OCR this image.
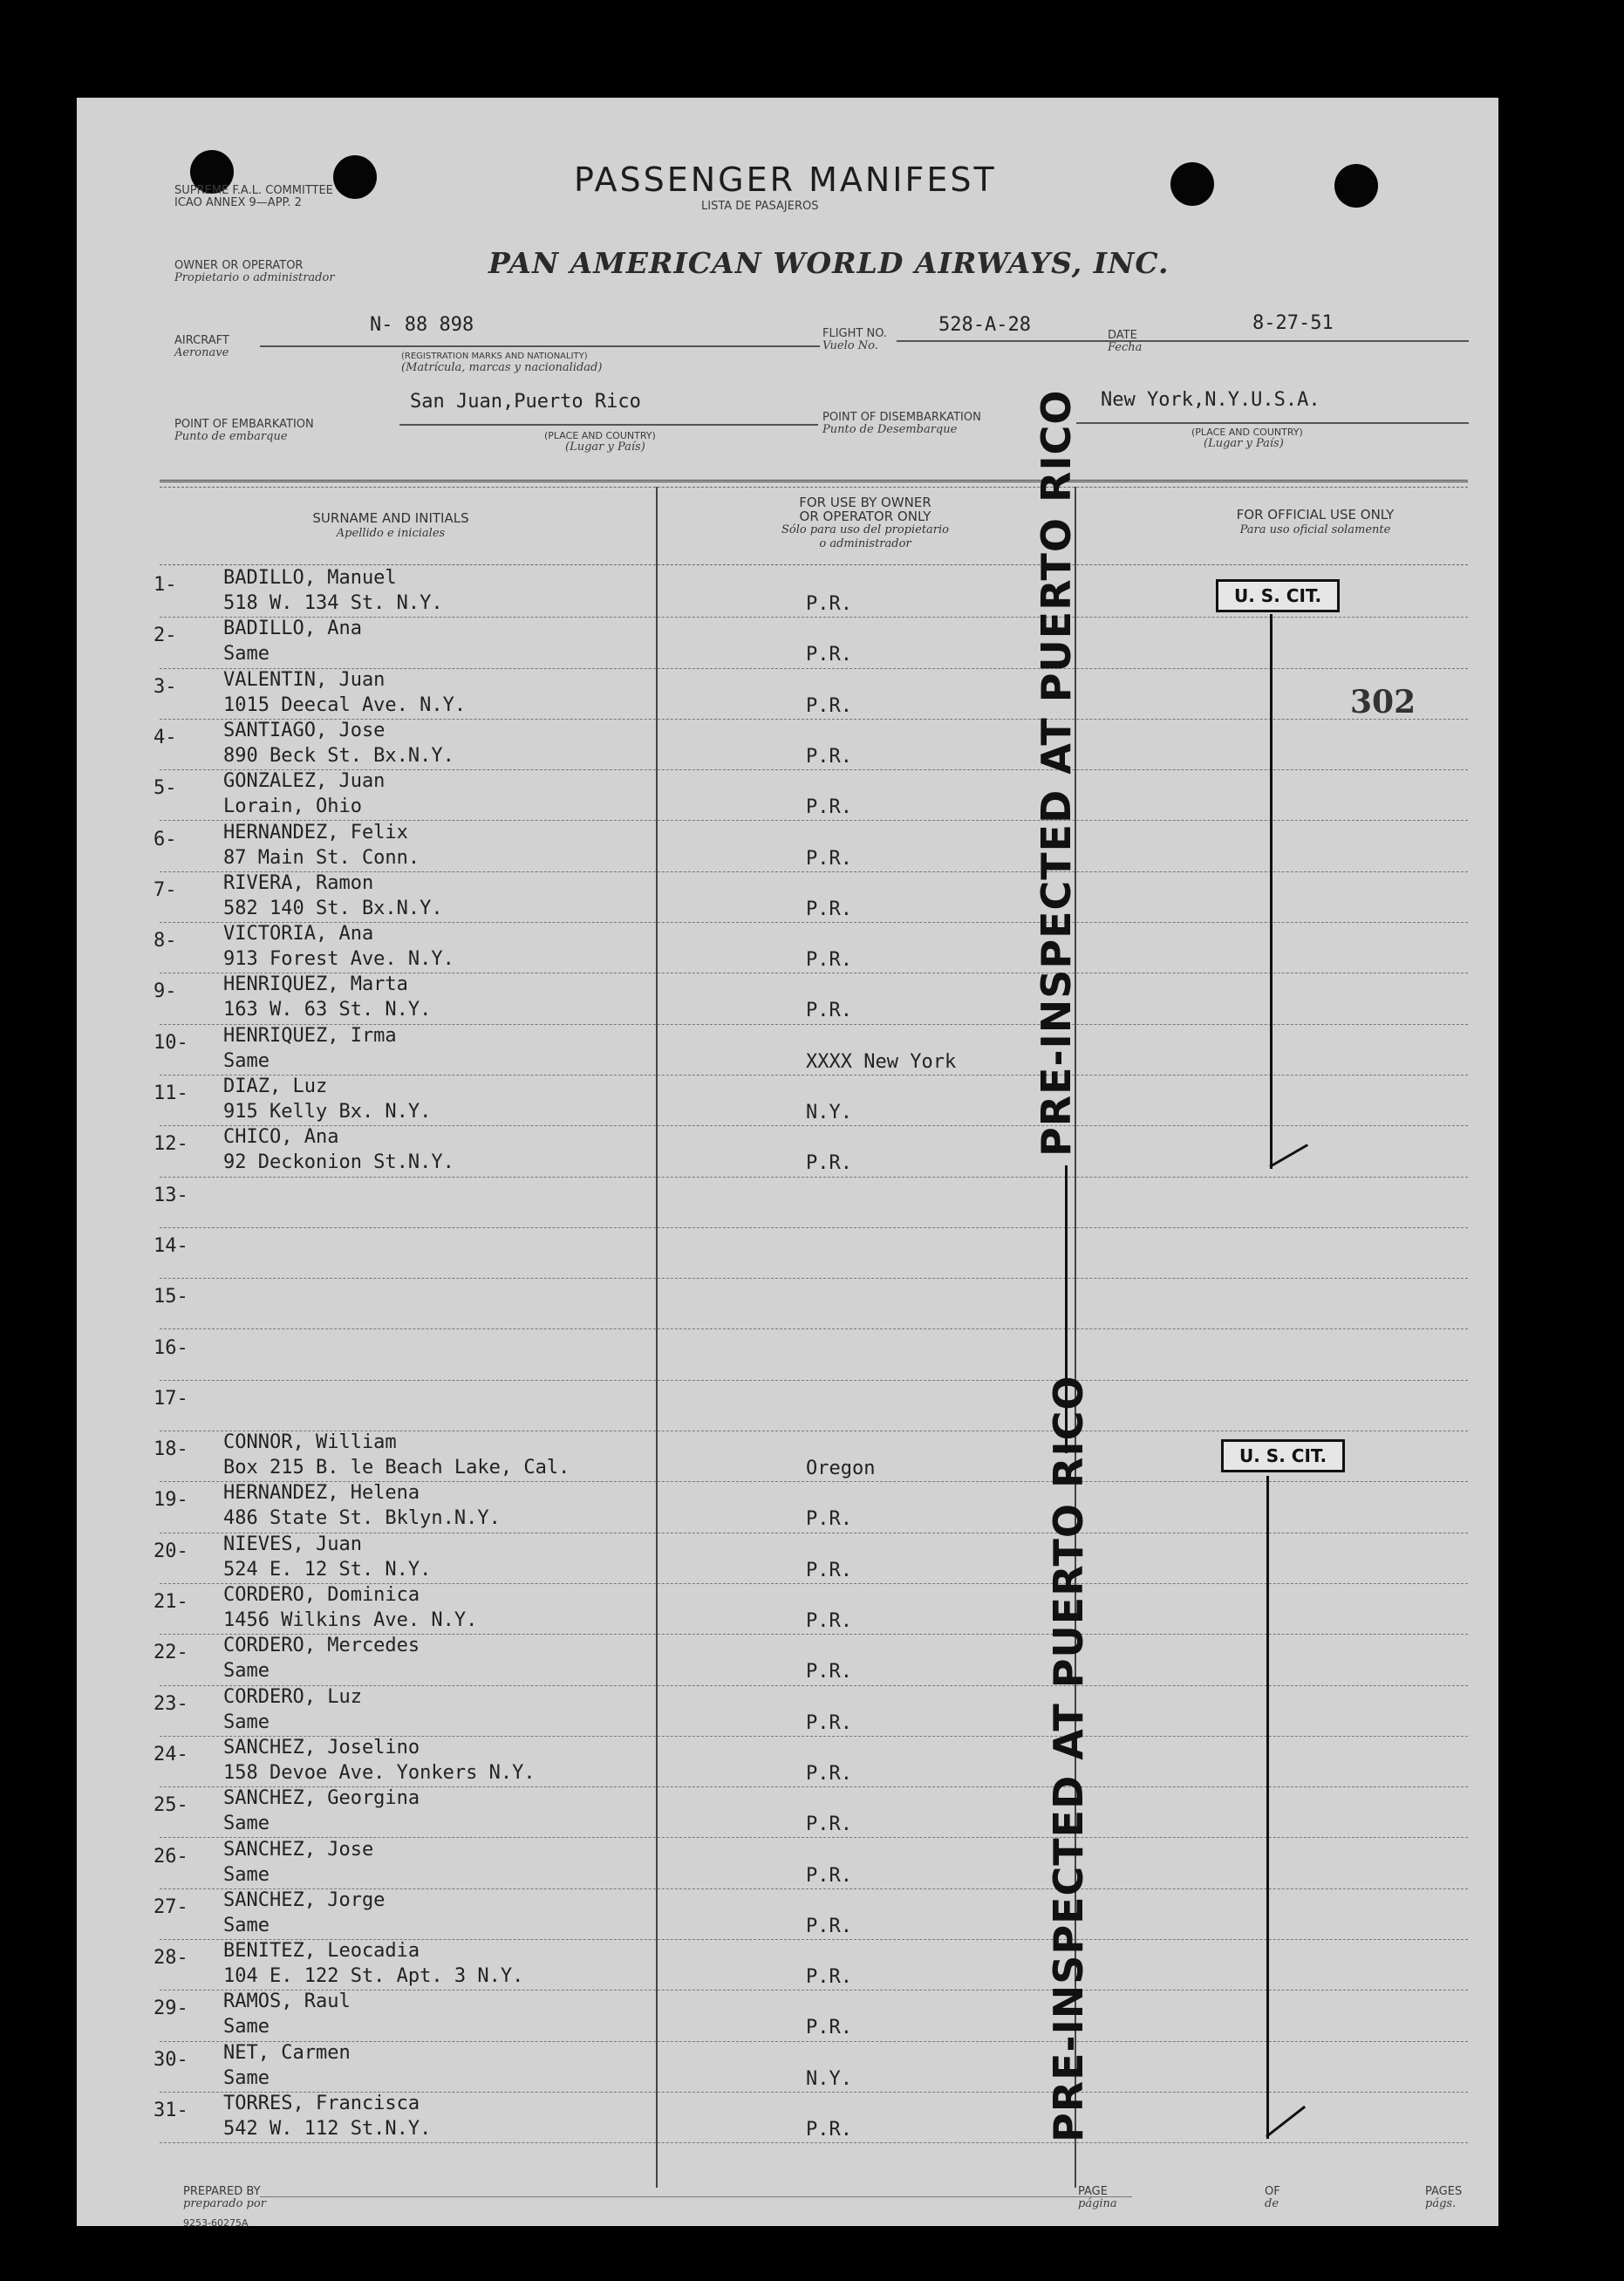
SUPREME F.A.L. COMMITTEE
ICAO ANNEX 9—APP. 2
PASSENGER MANIFEST
LISTA DE PASAJEROS
OWNER OR OPERATOR
Propietario o administrador	PAN AMERICAN WORLD AIRWAYS, INC.
AIRCRAFT
Aeronave
N- 88 898
(REGISTRATION MARKS AND NATIONALITY)
(Matrícula, marcas y nacionalidad)
FLIGHT NO.
Vuelo No.
528-A-28	DATE
Fecha
8-27-51
POINT OF EMBARKATION
Punto de embarque
San Juan,Puerto Rico
(PLACE AND COUNTRY)
(Lugar y País)
POINT OF DISEMBARKATION
Punto de Desembarque
New York,N.Y.U.S.A.
(PLACE AND COUNTRY)
(Lugar y País)
SURNAME AND INITIALS
Apellido e iniciales
FOR USE BY OWNER
OR OPERATOR ONLY
Sólo para uso del propietario
o administrador
FOR OFFICIAL USE ONLY
Para uso oficial solamente
1- BADILLO, Manuel
518 W. 134 St. N.Y.	P.R.
2- BADILLO, Ana
Same	P.R.
3- VALENTIN, Juan
1015 Deecal Ave. N.Y.	P.R.
4- SANTIAGO, Jose
890 Beck St. Bx.N.Y.	P.R.
5- GONZALEZ, Juan
Lorain, Ohio	P.R.
6- HERNANDEZ, Felix
87 Main St. Conn.	P.R.
7- RIVERA, Ramon
582 140 St. Bx.N.Y.	P.R.
8- VICTORIA, Ana
913 Forest Ave. N.Y.	P.R.
9- HENRIQUEZ, Marta
163 W. 63 St. N.Y.	P.R.
10- HENRIQUEZ, Irma
Same	XXXX New York
11- DIAZ, Luz
915 Kelly Bx. N.Y.	N.Y.
12- CHICO, Ana
92 Deckonion St.N.Y.	P.R.
13-
14-
15-
16-
17-
18- CONNOR, William
Box 215 B. le Beach Lake, Cal.	Oregon
19- HERNANDEZ, Helena
486 State St. Bklyn.N.Y.	P.R.
20- NIEVES, Juan
524 E. 12 St. N.Y.	P.R.
21- CORDERO, Dominica
1456 Wilkins Ave. N.Y.	P.R.
22- CORDERO, Mercedes
Same	P.R.
23- CORDERO, Luz
Same	P.R.
24- SANCHEZ, Joselino
158 Devoe Ave. Yonkers N.Y.	P.R.
25- SANCHEZ, Georgina
Same	P.R.
26- SANCHEZ, Jose
Same	P.R.
27- SANCHEZ, Jorge
Same	P.R.
28- BENITEZ, Leocadia
104 E. 122 St. Apt. 3 N.Y.	P.R.
29- RAMOS, Raul
Same	P.R.
30- NET, Carmen
Same	N.Y.
31- TORRES, Francisca
542 W. 112 St.N.Y.	P.R.
U. S. CIT.
302
U. S. CIT.
PRE-INSPECTED AT PUERTO RICO
PRE-INSPECTED AT PUERTO RICO
PREPARED BY
preparado por
PAGE
página
OF
de
PAGES
págs.
9253-60275A
